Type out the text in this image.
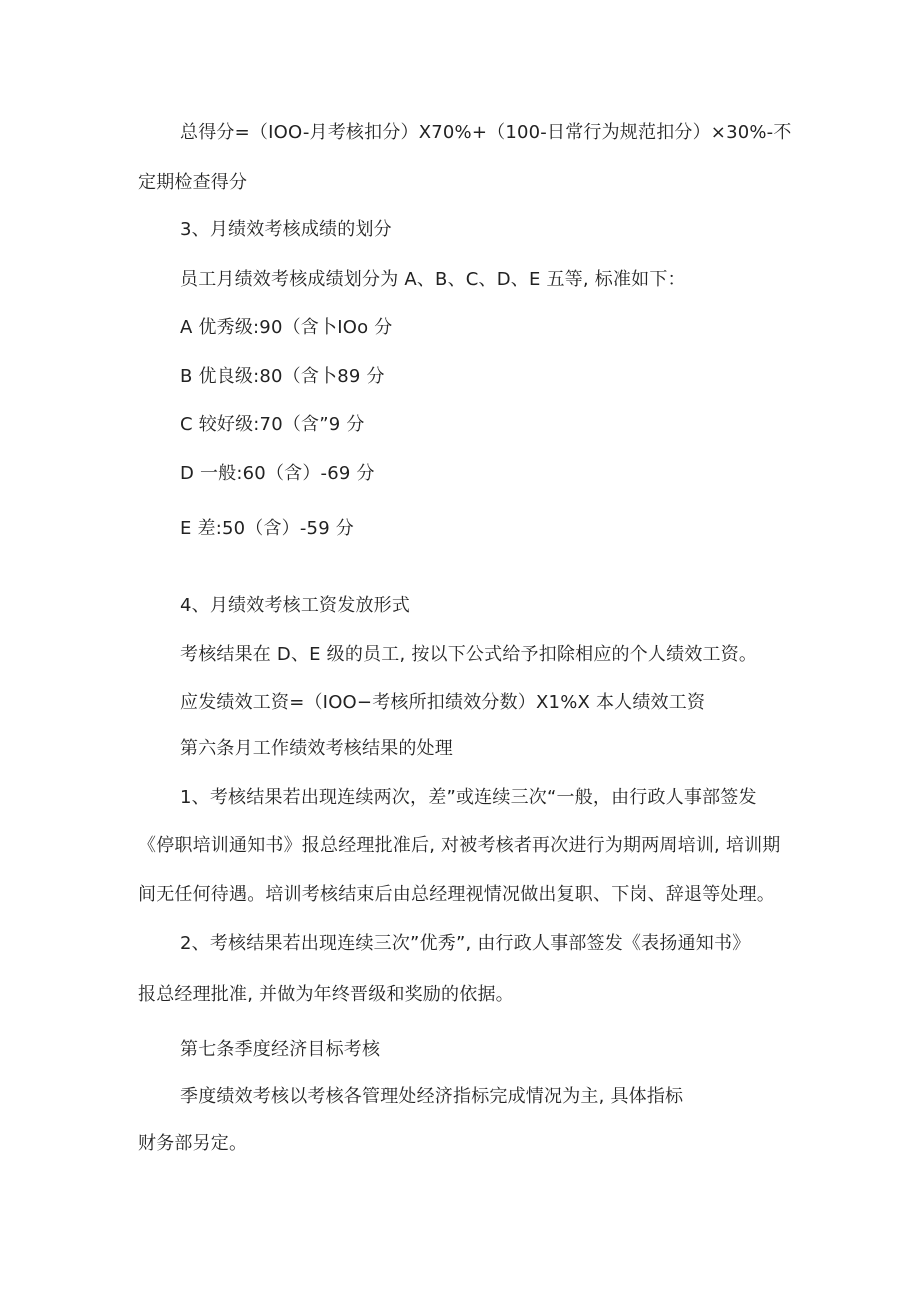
总得分=（IOO-月考核扣分）X70%+（100-日常行为规范扣分）×30%-不
定期检查得分
3、月绩效考核成绩的划分
员工月绩效考核成绩划分为 A、B、C、D、E 五等, 标准如下：
A 优秀级:90（含卜IOo 分
B 优良级:80（含卜89 分
C 较好级:70（含”9 分
D 一般:60（含）-69 分
E 差:50（含）-59 分
4、月绩效考核工资发放形式
考核结果在 D、E 级的员工, 按以下公式给予扣除相应的个人绩效工资。
应发绩效工资=（IOO−考核所扣绩效分数）X1%X 本人绩效工资
第六条月工作绩效考核结果的处理
1、考核结果若出现连续两次，差”或连续三次“一般，由行政人事部签发
《停职培训通知书》报总经理批准后, 对被考核者再次进行为期两周培训, 培训期
间无任何待遇。培训考核结束后由总经理视情况做出复职、下岗、辞退等处理。
2、考核结果若出现连续三次”优秀”, 由行政人事部签发《表扬通知书》
报总经理批准, 并做为年终晋级和奖励的依据。
第七条季度经济目标考核
季度绩效考核以考核各管理处经济指标完成情况为主, 具体指标
财务部另定。
